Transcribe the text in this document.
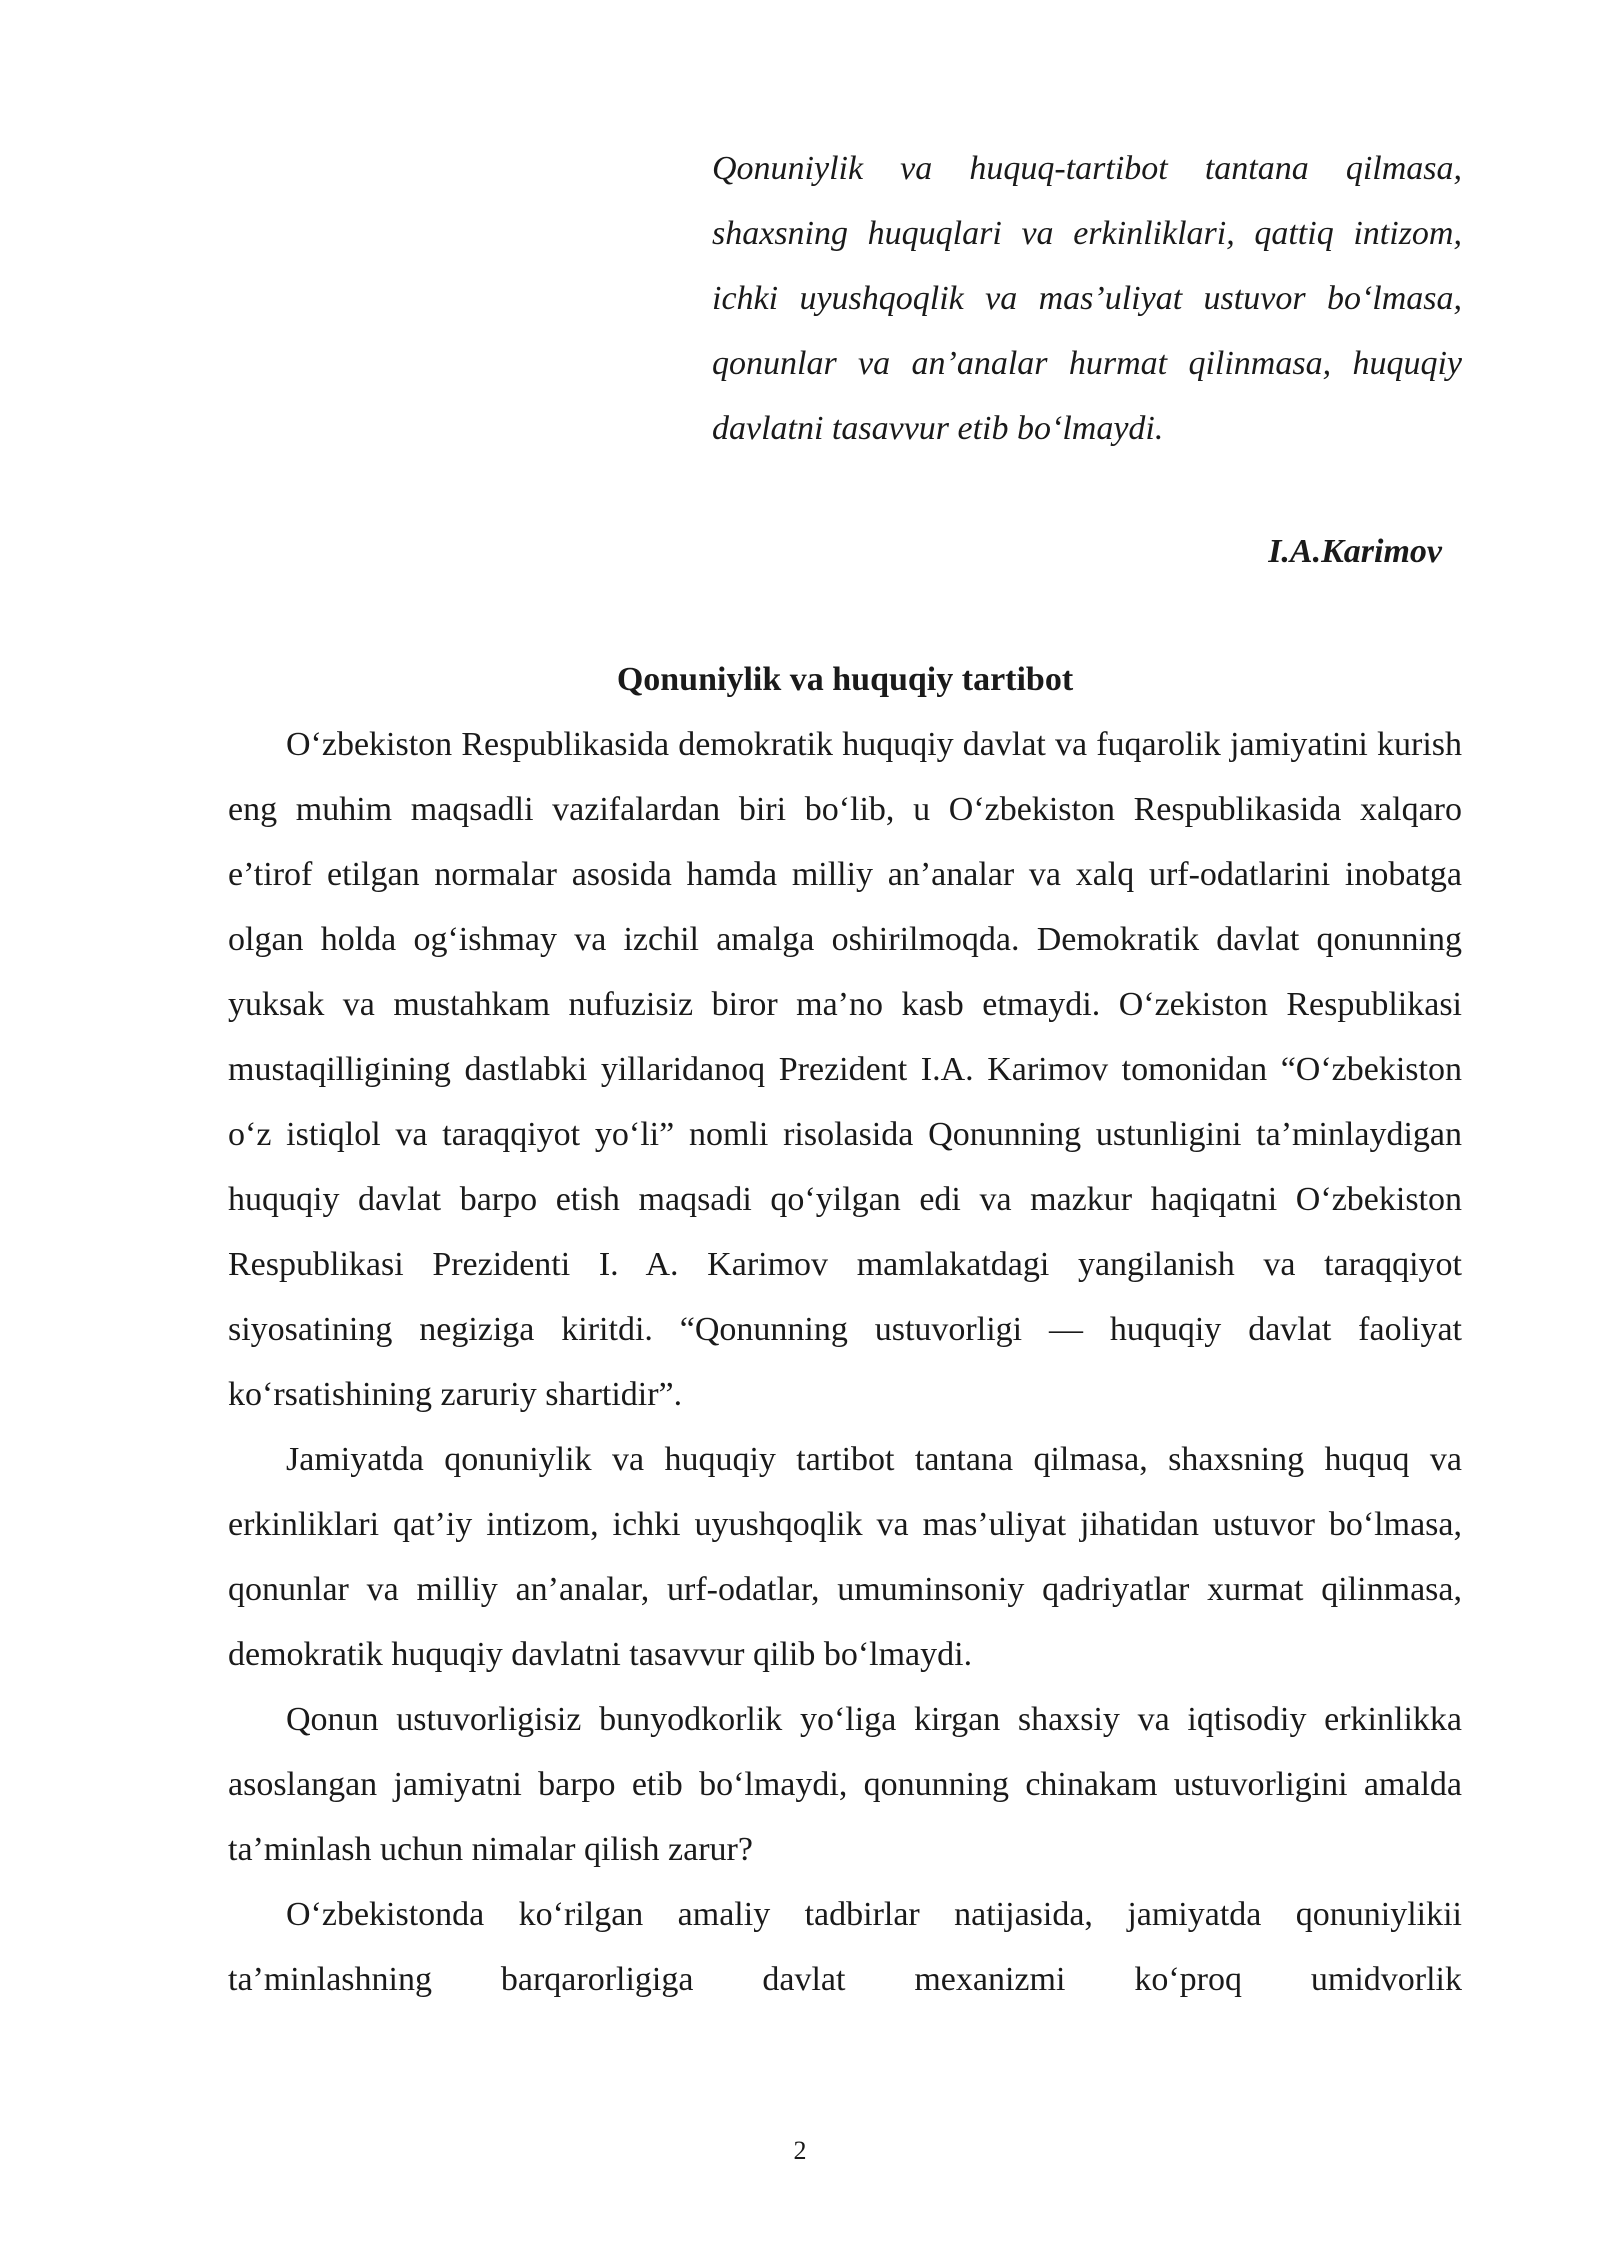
Qonuniylik va huquq-tartibot tantana qilmasa, shaxsning huquqlari va erkinliklari, qattiq intizom, ichki uyushqoqlik va mas’uliyat ustuvor bo‘lmasa, qonunlar va an’analar hurmat qilinmasa, huquqiy davlatni tasavvur etib bo‘lmaydi.
I.A.Karimov
Qonuniylik va huquqiy tartibot

O‘zbekiston Respublikasida demokratik huquqiy davlat va fuqarolik jamiyatini kurish eng muhim maqsadli vazifalardan biri bo‘lib, u O‘zbekiston Respublikasida xalqaro e’tirof etilgan normalar asosida hamda milliy an’analar va xalq urf-odatlarini inobatga olgan holda og‘ishmay va izchil amalga oshirilmoqda. Demokratik davlat qonunning yuksak va mustahkam nufuzisiz biror ma’no kasb etmaydi. O‘zekiston Respublikasi mustaqilligining dastlabki yillaridanoq Prezident I.A. Karimov tomonidan “O‘zbekiston o‘z istiqlol va taraqqiyot yo‘li” nomli risolasida Qonunning ustunligini ta’minlaydigan huquqiy davlat barpo etish maqsadi qo‘yilgan edi va mazkur haqiqatni O‘zbekiston Respublikasi Prezidenti I. A. Karimov mamlakatdagi yangilanish va taraqqiyot siyosatining negiziga kiritdi. “Qonunning ustuvorligi — huquqiy davlat faoliyat ko‘rsatishining zaruriy shartidir”.

Jamiyatda qonuniylik va huquqiy tartibot tantana qilmasa, shaxsning huquq va erkinliklari qat’iy intizom, ichki uyushqoqlik va mas’uliyat jihatidan ustuvor bo‘lmasa, qonunlar va milliy an’analar, urf-odatlar, umuminsoniy qadriyatlar xurmat qilinmasa, demokratik huquqiy davlatni tasavvur qilib bo‘lmaydi.

Qonun ustuvorligisiz bunyodkorlik yo‘liga kirgan shaxsiy va iqtisodiy erkinlikka asoslangan jamiyatni barpo etib bo‘lmaydi, qonunning chinakam ustuvorligini amalda ta’minlash uchun nimalar qilish zarur?

O‘zbekistonda ko‘rilgan amaliy tadbirlar natijasida, jamiyatda qonuniylikii ta’minlashning barqarorligiga davlat mexanizmi ko‘proq umidvorlik

2
